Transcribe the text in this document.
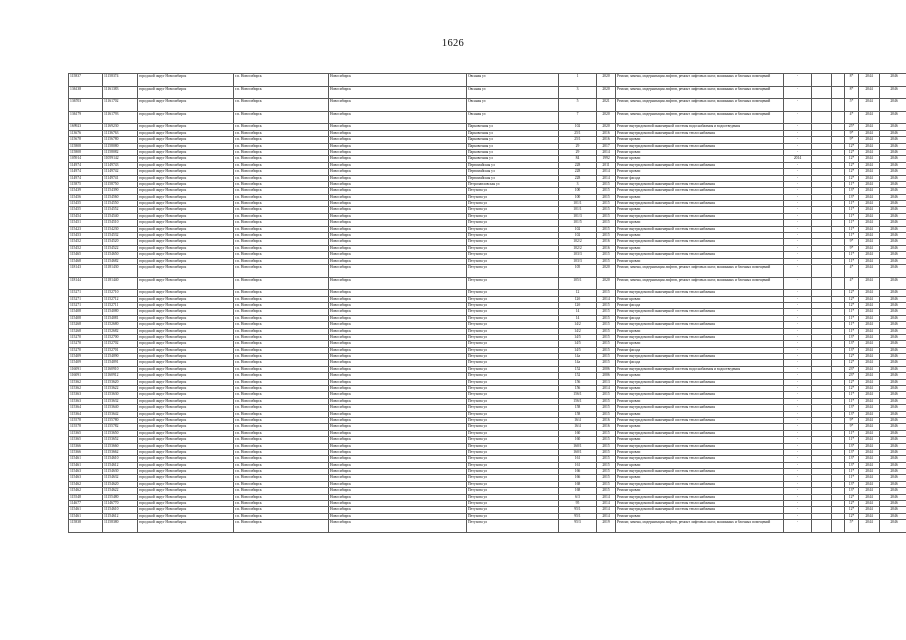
1626
115837	11158374	городской округ Новосибирск	г.п. Новосибирск	Новосибирск	Овсяная ул	1	2020	Ремонт, замена, модернизация лифтов, ремонт лифтовых шахт, машинных и блочных помещений	-			8*	2044	2046
136138	11161383	городской округ Новосибирск	г.п. Новосибирск	Новосибирск	Овсяная ул	3	2020	Ремонт, замена, модернизация лифтов, ремонт лифтовых шахт, машинных и блочных помещений	-			8*	2044	2046
136703	11161702	городской округ Новосибирск	г.п. Новосибирск	Новосибирск	Овсяная ул	5	2021	Ремонт, замена, модернизация лифтов, ремонт лифтовых шахт, машинных и блочных помещений	-			5*	2044	2046
136179	11161793	городской округ Новосибирск	г.п. Новосибирск	Новосибирск	Овсяная ул	7	2020	Ремонт, замена, модернизация лифтов, ремонт лифтовых шахт, машинных и блочных помещений	-			4*	2044	2046
169923	11169230	городской округ Новосибирск	г.п. Новосибирск	Новосибирск	Парковочная ул	102	2020	Ремонт внутридомовой инженерной системы водоснабжения и водоотведения	-			25*	2044	2046
113676	11136763	городской округ Новосибирск	г.п. Новосибирск	Новосибирск	Парковочная ул	25/1	2016	Ремонт внутридомовой инженерной системы теплоснабжения	-			9*	2044	2046
115678	11156780	городской округ Новосибирск	г.п. Новосибирск	Новосибирск	Парковочная ул	25/1	2016	Ремонт кровли	-			9*	2044	2046
115808	11158080	городской округ Новосибирск	г.п. Новосибирск	Новосибирск	Парковочная ул	29	2017	Ремонт внутридомовой инженерной системы теплоснабжения	-			12*	2044	2046
115808	11158082	городской округ Новосибирск	г.п. Новосибирск	Новосибирск	Парковочная ул	29	2014	Ремонт кровли	-			12*	2044	2046
105914	11059142	городской округ Новосибирск	г.п. Новосибирск	Новосибирск	Парковочная ул	84	1992	Ремонт кровли	2014			12*	2044	2046
114974	11149743	городской округ Новосибирск	г.п. Новосибирск	Новосибирск	Первомайская ул	228	2011	Ремонт внутридомовой инженерной системы теплоснабжения	-			12*	2044	2046
114974	11149742	городской округ Новосибирск	г.п. Новосибирск	Новосибирск	Первомайская ул	228	2014	Ремонт кровли	-			12*	2044	2046
114974	11149741	городской округ Новосибирск	г.п. Новосибирск	Новосибирск	Первомайская ул	228	2014	Ремонт фасада	-			12*	2044	2046
115875	11158750	городской округ Новосибирск	г.п. Новосибирск	Новосибирск	Петропавловская ул	3	2015	Ремонт внутридомовой инженерной системы теплоснабжения	-			11*	2044	2046
115439	11154390	городской округ Новосибирск	г.п. Новосибирск	Новосибирск	Петухова ул	100	2015	Ремонт внутридомовой инженерной системы теплоснабжения	-			13*	2044	2046
115456	11154560	городской округ Новосибирск	г.п. Новосибирск	Новосибирск	Петухова ул	100	2015	Ремонт кровли	-			13*	2044	2046
115455	11154550	городской округ Новосибирск	г.п. Новосибирск	Новосибирск	Петухова ул	101/1	2015	Ремонт внутридомовой инженерной системы теплоснабжения	-			11*	2044	2046
115455	11154552	городской округ Новосибирск	г.п. Новосибирск	Новосибирск	Петухова ул	101/1	2015	Ремонт кровли	-			11*	2044	2046
115454	11154540	городской округ Новосибирск	г.п. Новосибирск	Новосибирск	Петухова ул	101/3	2015	Ремонт внутридомовой инженерной системы теплоснабжения	-			11*	2044	2046
115451	11154510	городской округ Новосибирск	г.п. Новосибирск	Новосибирск	Петухова ул	101/5	2015	Ремонт кровли	-			11*	2044	2046
115423	11154230	городской округ Новосибирск	г.п. Новосибирск	Новосибирск	Петухова ул	102	2015	Ремонт внутридомовой инженерной системы теплоснабжения	-			11*	2044	2046
115453	11154532	городской округ Новосибирск	г.п. Новосибирск	Новосибирск	Петухова ул	102	2015	Ремонт кровли	-			11*	2044	2046
115452	11154520	городской округ Новосибирск	г.п. Новосибирск	Новосибирск	Петухова ул	102/2	2016	Ремонт внутридомовой инженерной системы теплоснабжения	-			9*	2044	2046
115452	11154522	городской округ Новосибирск	г.п. Новосибирск	Новосибирск	Петухова ул	102/2	2016	Ремонт кровли	-			9*	2044	2046
115465	11154650	городской округ Новосибирск	г.п. Новосибирск	Новосибирск	Петухова ул	103/3	2015	Ремонт внутридомовой инженерной системы теплоснабжения	-			11*	2044	2046
115468	11154682	городской округ Новосибирск	г.п. Новосибирск	Новосибирск	Петухова ул	103/3	2015	Ремонт кровли	-			11*	2044	2046
118143	11181430	городской округ Новосибирск	г.п. Новосибирск	Новосибирск	Петухова ул	105	2020	Ремонт, замена, модернизация лифтов, ремонт лифтовых шахт, машинных и блочных помещений	-			4*	2044	2046
118144	11181440	городской округ Новосибирск	г.п. Новосибирск	Новосибирск	Петухова ул	105/1	2020	Ремонт, замена, модернизация лифтов, ремонт лифтовых шахт, машинных и блочных помещений	-			4*	2044	2046
115271	11152710	городской округ Новосибирск	г.п. Новосибирск	Новосибирск	Петухова ул	12	2015	Ремонт внутридомовой инженерной системы теплоснабжения	-			12*	2044	2046
115271	11152712	городской округ Новосибирск	г.п. Новосибирск	Новосибирск	Петухова ул	12б	2014	Ремонт кровли	-			12*	2044	2046
115271	11152711	городской округ Новосибирск	г.п. Новосибирск	Новосибирск	Петухова ул	12б	2015	Ремонт фасада	-			12*	2044	2046
115408	11154080	городской округ Новосибирск	г.п. Новосибирск	Новосибирск	Петухова ул	14	2015	Ремонт внутридомовой инженерной системы теплоснабжения	-			11*	2044	2046
115408	11154081	городской округ Новосибирск	г.п. Новосибирск	Новосибирск	Петухова ул	14	2015	Ремонт фасада	-			11*	2044	2046
115268	11152680	городской округ Новосибирск	г.п. Новосибирск	Новосибирск	Петухова ул	14/2	2015	Ремонт внутридомовой инженерной системы теплоснабжения	-			11*	2044	2046
115268	11152682	городской округ Новосибирск	г.п. Новосибирск	Новосибирск	Петухова ул	14/2	2015	Ремонт кровли	-			11*	2044	2046
115270	11152700	городской округ Новосибирск	г.п. Новосибирск	Новосибирск	Петухова ул	14/5	2015	Ремонт внутридомовой инженерной системы теплоснабжения	-			13*	2044	2046
115270	11152702	городской округ Новосибирск	г.п. Новосибирск	Новосибирск	Петухова ул	14/5	2015	Ремонт кровли	-			13*	2044	2046
115270	11152701	городской округ Новосибирск	г.п. Новосибирск	Новосибирск	Петухова ул	14/5	2015	Ремонт фасада	-			13*	2044	2046
115409	11154090	городской округ Новосибирск	г.п. Новосибирск	Новосибирск	Петухова ул	14а	2015	Ремонт внутридомовой инженерной системы теплоснабжения	-			12*	2044	2046
115409	11154091	городской округ Новосибирск	г.п. Новосибирск	Новосибирск	Петухова ул	14а	2015	Ремонт фасада	-			12*	2044	2046
116091	11160910	городской округ Новосибирск	г.п. Новосибирск	Новосибирск	Петухова ул	152	2006	Ремонт внутридомовой инженерной системы водоснабжения и водоотведения	-			23*	2044	2046
116091	11160912	городской округ Новосибирск	г.п. Новосибирск	Новосибирск	Петухова ул	152	2006	Ремонт кровли	-			23*	2044	2046
115362	11153620	городской округ Новосибирск	г.п. Новосибирск	Новосибирск	Петухова ул	156	2013	Ремонт внутридомовой инженерной системы теплоснабжения	-			12*	2044	2046
115362	11153622	городской округ Новосибирск	г.п. Новосибирск	Новосибирск	Петухова ул	156	2014	Ремонт кровли	-			12*	2044	2046
115363	11153630	городской округ Новосибирск	г.п. Новосибирск	Новосибирск	Петухова ул	156/1	2015	Ремонт внутридомовой инженерной системы теплоснабжения	-			11*	2044	2046
115363	11153632	городской округ Новосибирск	г.п. Новосибирск	Новосибирск	Петухова ул	156/1	2015	Ремонт кровли	-			11*	2044	2046
115364	11153640	городской округ Новосибирск	г.п. Новосибирск	Новосибирск	Петухова ул	158	2015	Ремонт внутридомовой инженерной системы теплоснабжения	-			13*	2044	2046
115364	11153642	городской округ Новосибирск	г.п. Новосибирск	Новосибирск	Петухова ул	158	2015	Ремонт кровли	-			13*	2044	2046
115578	11155780	городской округ Новосибирск	г.п. Новосибирск	Новосибирск	Петухова ул	16/4	2016	Ремонт внутридомовой инженерной системы теплоснабжения	-			9*	2044	2046
115578	11155782	городской округ Новосибирск	г.п. Новосибирск	Новосибирск	Петухова ул	16/4	2016	Ремонт кровли	-			9*	2044	2046
115365	11153650	городской округ Новосибирск	г.п. Новосибирск	Новосибирск	Петухова ул	160	2015	Ремонт внутридомовой инженерной системы теплоснабжения	-			11*	2044	2046
115365	11153652	городской округ Новосибирск	г.п. Новосибирск	Новосибирск	Петухова ул	160	2015	Ремонт кровли	-			11*	2044	2046
115366	11153660	городской округ Новосибирск	г.п. Новосибирск	Новосибирск	Петухова ул	160/1	2015	Ремонт внутридомовой инженерной системы теплоснабжения	-			13*	2044	2046
115366	11153662	городской округ Новосибирск	г.п. Новосибирск	Новосибирск	Петухова ул	160/1	2015	Ремонт кровли	-			13*	2044	2046
115461	11154610	городской округ Новосибирск	г.п. Новосибирск	Новосибирск	Петухова ул	161	2015	Ремонт внутридомовой инженерной системы теплоснабжения	-			13*	2044	2046
115461	11154612	городской округ Новосибирск	г.п. Новосибирск	Новосибирск	Петухова ул	161	2015	Ремонт кровли	-			13*	2044	2046
115463	11154630	городской округ Новосибирск	г.п. Новосибирск	Новосибирск	Петухова ул	166	2015	Ремонт внутридомовой инженерной системы теплоснабжения	-			11*	2044	2046
115463	11154632	городской округ Новосибирск	г.п. Новосибирск	Новосибирск	Петухова ул	166	2015	Ремонт кровли	-			11*	2044	2046
115462	11154620	городской округ Новосибирск	г.п. Новосибирск	Новосибирск	Петухова ул	168	2015	Ремонт внутридомовой инженерной системы теплоснабжения	-			13*	2044	2046
115462	11154622	городской округ Новосибирск	г.п. Новосибирск	Новосибирск	Петухова ул	168	2015	Ремонт кровли	-			13*	2044	2046
115548	11155480	городской округ Новосибирск	г.п. Новосибирск	Новосибирск	Петухова ул	6/3	2014	Ремонт внутридомовой инженерной системы теплоснабжения	-			12*	2044	2046
114677	11146770	городской округ Новосибирск	г.п. Новосибирск	Новосибирск	Петухова ул	95	2014	Ремонт внутридомовой инженерной системы теплоснабжения	-			12*	2044	2046
115461	11154610	городской округ Новосибирск	г.п. Новосибирск	Новосибирск	Петухова ул	95/1	2014	Ремонт внутридомовой инженерной системы теплоснабжения	-			12*	2044	2046
115461	11154612	городской округ Новосибирск	г.п. Новосибирск	Новосибирск	Петухова ул	95/1	2014	Ремонт кровли	-			12*	2044	2046
115838	11158380	городской округ Новосибирск	г.п. Новосибирск	Новосибирск	Петухова ул	95/3	2019	Ремонт, замена, модернизация лифтов, ремонт лифтовых шахт, машинных и блочных помещений	-			5*	2044	2046
